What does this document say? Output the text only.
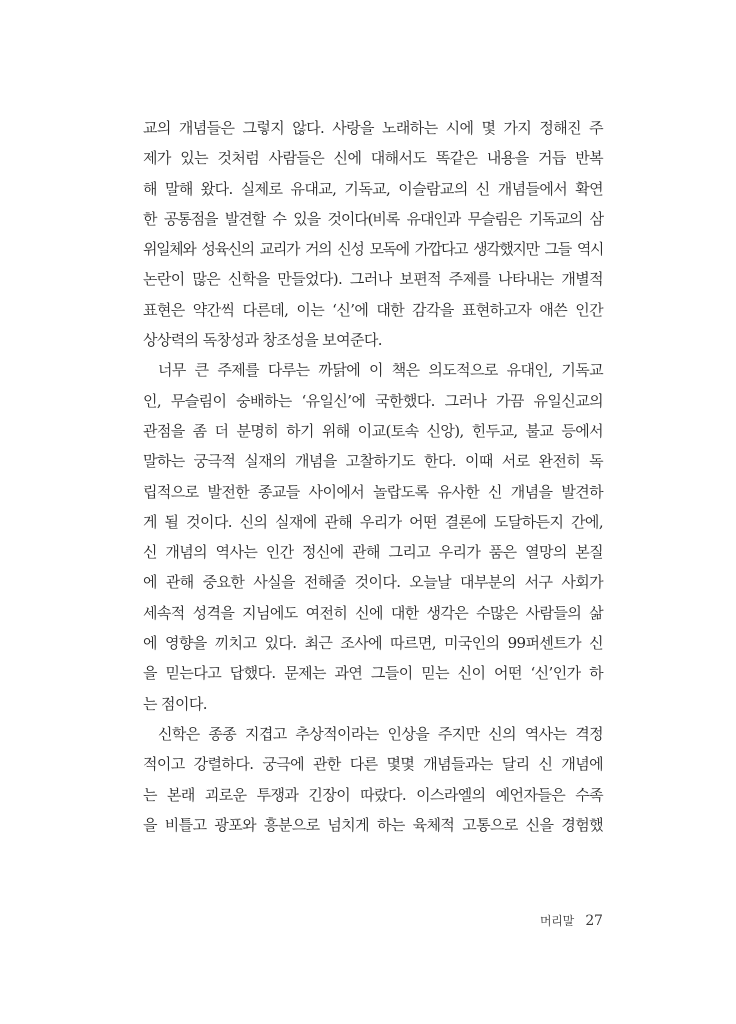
교의 개념들은 그렇지 않다. 사랑을 노래하는 시에 몇 가지 정해진 주
제가 있는 것처럼 사람들은 신에 대해서도 똑같은 내용을 거듭 반복
해 말해 왔다. 실제로 유대교, 기독교, 이슬람교의 신 개념들에서 확연
한 공통점을 발견할 수 있을 것이다(비록 유대인과 무슬림은 기독교의 삼
위일체와 성육신의 교리가 거의 신성 모독에 가깝다고 생각했지만 그들 역시
논란이 많은 신학을 만들었다). 그러나 보편적 주제를 나타내는 개별적
표현은 약간씩 다른데, 이는 ‘신’에 대한 감각을 표현하고자 애쓴 인간
상상력의 독창성과 창조성을 보여준다.
너무 큰 주제를 다루는 까닭에 이 책은 의도적으로 유대인, 기독교
인, 무슬림이 숭배하는 ‘유일신’에 국한했다. 그러나 가끔 유일신교의
관점을 좀 더 분명히 하기 위해 이교(토속 신앙), 힌두교, 불교 등에서
말하는 궁극적 실재의 개념을 고찰하기도 한다. 이때 서로 완전히 독
립적으로 발전한 종교들 사이에서 놀랍도록 유사한 신 개념을 발견하
게 될 것이다. 신의 실재에 관해 우리가 어떤 결론에 도달하든지 간에,
신 개념의 역사는 인간 정신에 관해 그리고 우리가 품은 열망의 본질
에 관해 중요한 사실을 전해줄 것이다. 오늘날 대부분의 서구 사회가
세속적 성격을 지님에도 여전히 신에 대한 생각은 수많은 사람들의 삶
에 영향을 끼치고 있다. 최근 조사에 따르면, 미국인의 99퍼센트가 신
을 믿는다고 답했다. 문제는 과연 그들이 믿는 신이 어떤 ‘신’인가 하
는 점이다.
신학은 종종 지겹고 추상적이라는 인상을 주지만 신의 역사는 격정
적이고 강렬하다. 궁극에 관한 다른 몇몇 개념들과는 달리 신 개념에
는 본래 괴로운 투쟁과 긴장이 따랐다. 이스라엘의 예언자들은 수족
을 비틀고 광포와 흥분으로 넘치게 하는 육체적 고통으로 신을 경험했
머리말 27
